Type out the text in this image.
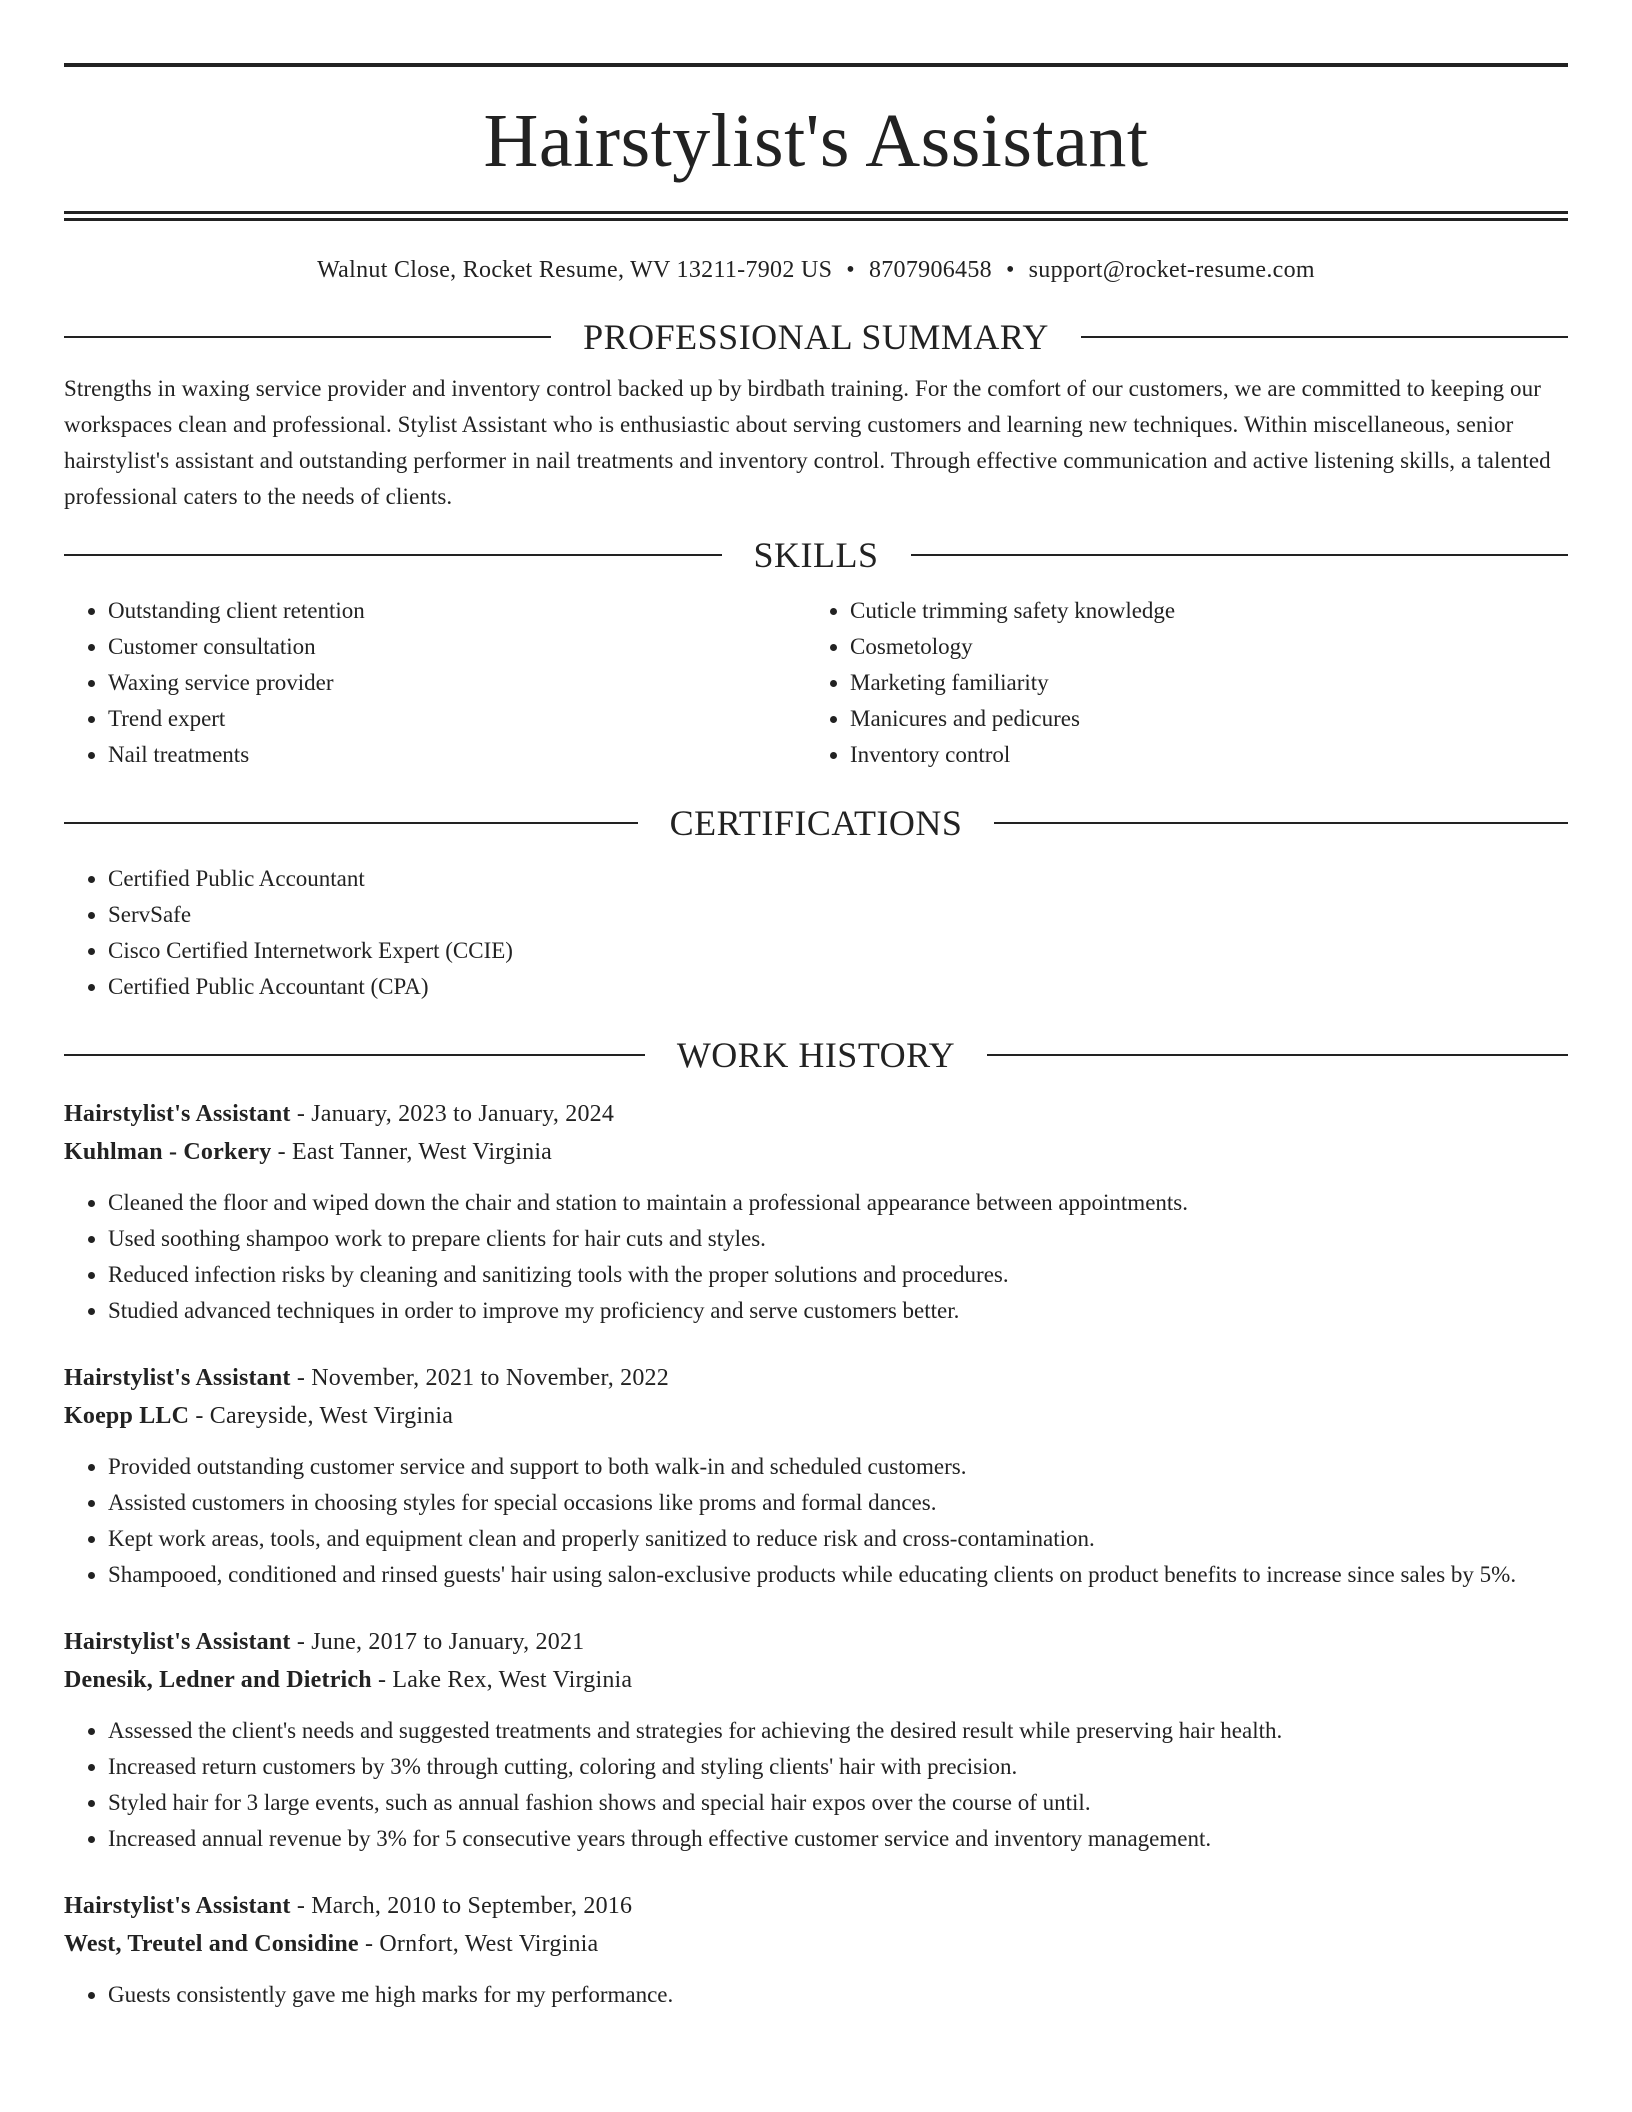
Hairstylist's Assistant
Walnut Close, Rocket Resume, WV 13211-7902 US • 8707906458 • support@rocket-resume.com
PROFESSIONAL SUMMARY
Strengths in waxing service provider and inventory control backed up by birdbath training. For the comfort of our customers, we are committed to keeping our workspaces clean and professional. Stylist Assistant who is enthusiastic about serving customers and learning new techniques. Within miscellaneous, senior hairstylist's assistant and outstanding performer in nail treatments and inventory control. Through effective communication and active listening skills, a talented professional caters to the needs of clients.
SKILLS
• Outstanding client retention
• Customer consultation
• Waxing service provider
• Trend expert
• Nail treatments
• Cuticle trimming safety knowledge
• Cosmetology
• Marketing familiarity
• Manicures and pedicures
• Inventory control
CERTIFICATIONS
• Certified Public Accountant
• ServSafe
• Cisco Certified Internetwork Expert (CCIE)
• Certified Public Accountant (CPA)
WORK HISTORY
Hairstylist's Assistant - January, 2023 to January, 2024
Kuhlman - Corkery - East Tanner, West Virginia
• Cleaned the floor and wiped down the chair and station to maintain a professional appearance between appointments.
• Used soothing shampoo work to prepare clients for hair cuts and styles.
• Reduced infection risks by cleaning and sanitizing tools with the proper solutions and procedures.
• Studied advanced techniques in order to improve my proficiency and serve customers better.
Hairstylist's Assistant - November, 2021 to November, 2022
Koepp LLC - Careyside, West Virginia
• Provided outstanding customer service and support to both walk-in and scheduled customers.
• Assisted customers in choosing styles for special occasions like proms and formal dances.
• Kept work areas, tools, and equipment clean and properly sanitized to reduce risk and cross-contamination.
• Shampooed, conditioned and rinsed guests' hair using salon-exclusive products while educating clients on product benefits to increase since sales by 5%.
Hairstylist's Assistant - June, 2017 to January, 2021
Denesik, Ledner and Dietrich - Lake Rex, West Virginia
• Assessed the client's needs and suggested treatments and strategies for achieving the desired result while preserving hair health.
• Increased return customers by 3% through cutting, coloring and styling clients' hair with precision.
• Styled hair for 3 large events, such as annual fashion shows and special hair expos over the course of until.
• Increased annual revenue by 3% for 5 consecutive years through effective customer service and inventory management.
Hairstylist's Assistant - March, 2010 to September, 2016
West, Treutel and Considine - Ornfort, West Virginia
• Guests consistently gave me high marks for my performance.
